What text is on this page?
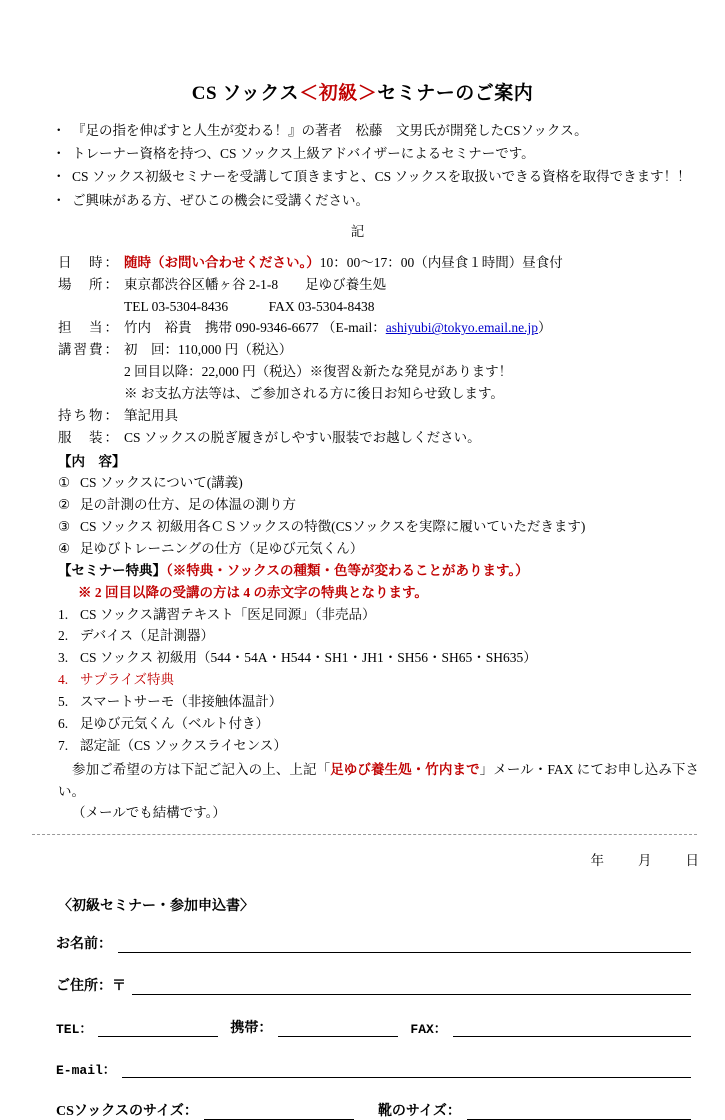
CS ソックス＜初級＞セミナーのご案内
・ 『足の指を伸ばすと人生が変わる！』の著者　松藤　文男氏が開発したCSソックス。
・ トレーナー資格を持つ、CS ソックス上級アドバイザーによるセミナーです。
・ CS ソックス初級セミナーを受講して頂きますと、CS ソックスを取扱いできる資格を取得できます！！
・ ご興味がある方、ぜひこの機会に受講ください。
記
日　時： 随時（お問い合わせください。）10：00～17：00（内昼食１時間）昼食付
場　所： 東京都渋谷区幡ヶ谷 2-1-8　　足ゆび養生処
TEL 03-5304-8436　　　FAX 03-5304-8438
担　当： 竹内　裕貴 携帯 090-9346-6677 （E-mail：ashiyubi@tokyo.email.ne.jp）
講習費： 初　回：110,000 円（税込）
2 回目以降：22,000 円（税込）※復習＆新たな発見があります！
※ お支払方法等は、ご参加される方に後日お知らせ致します。
持ち物： 筆記用具
服　装： CS ソックスの脱ぎ履きがしやすい服装でお越しください。
【内　容】
① CS ソックスについて(講義)
② 足の計測の仕方、足の体温の測り方
③ CS ソックス 初級用各ＣＳソックスの特徴(CSソックスを実際に履いていただきます)
④ 足ゆびトレーニングの仕方（足ゆび元気くん）
【セミナー特典】（※特典・ソックスの種類・色等が変わることがあります。）
※ 2 回目以降の受講の方は 4 の赤文字の特典となります。
1. CS ソックス講習テキスト「医足同源」（非売品）
2. デバイス（足計測器）
3. CS ソックス 初級用（544・54A・H544・SH1・JH1・SH56・SH65・SH635）
4. サプライズ特典
5. スマートサーモ（非接触体温計）
6. 足ゆび元気くん（ベルト付き）
7. 認定証（CS ソックスライセンス）
参加ご希望の方は下記ご記入の上、上記「足ゆび養生処・竹内まで」メール・FAX にてお申し込み下さい。
（メールでも結構です。）
年	月	日
〈初級セミナー・参加申込書〉
お名前：
ご住所：〒
TEL：	携帯：	FAX：
E-mail：
CSソックスのサイズ：	靴のサイズ：
